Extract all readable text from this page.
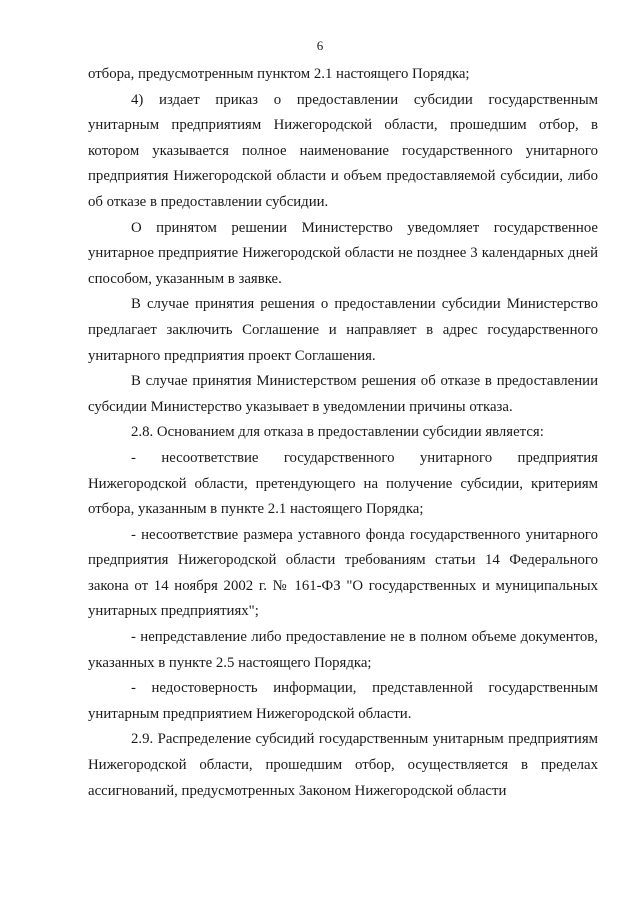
6

отбора, предусмотренным пунктом 2.1 настоящего Порядка;

4) издает приказ о предоставлении субсидии государственным унитарным предприятиям Нижегородской области, прошедшим отбор, в котором указывается полное наименование государственного унитарного предприятия Нижегородской области и объем предоставляемой субсидии, либо об отказе в предоставлении субсидии.

О принятом решении Министерство уведомляет государственное унитарное предприятие Нижегородской области не позднее 3 календарных дней способом, указанным в заявке.

В случае принятия решения о предоставлении субсидии Министерство предлагает заключить Соглашение и направляет в адрес государственного унитарного предприятия проект Соглашения.

В случае принятия Министерством решения об отказе в предоставлении субсидии Министерство указывает в уведомлении причины отказа.

2.8. Основанием для отказа в предоставлении субсидии является:

- несоответствие государственного унитарного предприятия Нижегородской области, претендующего на получение субсидии, критериям отбора, указанным в пункте 2.1 настоящего Порядка;

- несоответствие размера уставного фонда государственного унитарного предприятия Нижегородской области требованиям статьи 14 Федерального закона от 14 ноября 2002 г. № 161-ФЗ "О государственных и муниципальных унитарных предприятиях";

- непредставление либо предоставление не в полном объеме документов, указанных в пункте 2.5 настоящего Порядка;

- недостоверность информации, представленной государственным унитарным предприятием Нижегородской области.

2.9. Распределение субсидий государственным унитарным предприятиям Нижегородской области, прошедшим отбор, осуществляется в пределах ассигнований, предусмотренных Законом Нижегородской области
